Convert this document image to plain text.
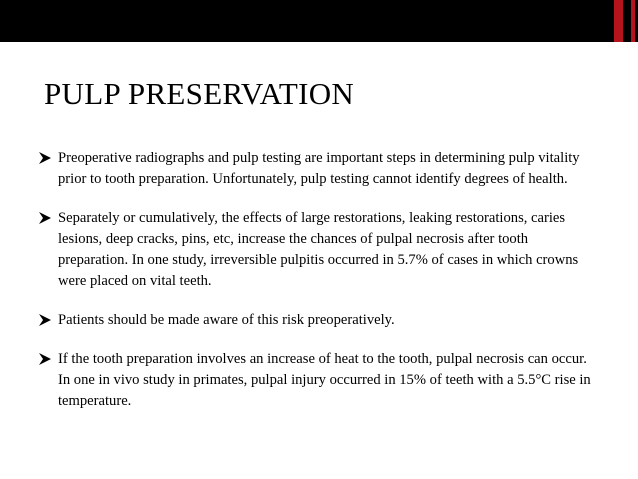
PULP PRESERVATION
Preoperative radiographs and pulp testing are important steps in determining pulp vitality prior to tooth preparation. Unfortunately, pulp testing cannot identify degrees of health.
Separately or cumulatively, the effects of large restorations, leaking restorations, caries lesions, deep cracks, pins, etc, increase the chances of pulpal necrosis after tooth preparation. In one study, irreversible pulpitis occurred in 5.7% of cases in which crowns were placed on vital teeth.
Patients should be made aware of this risk preoperatively.
If the tooth preparation involves an increase of heat to the tooth, pulpal necrosis can occur. In one in vivo study in primates, pulpal injury occurred in 15% of teeth with a 5.5°C rise in temperature.
